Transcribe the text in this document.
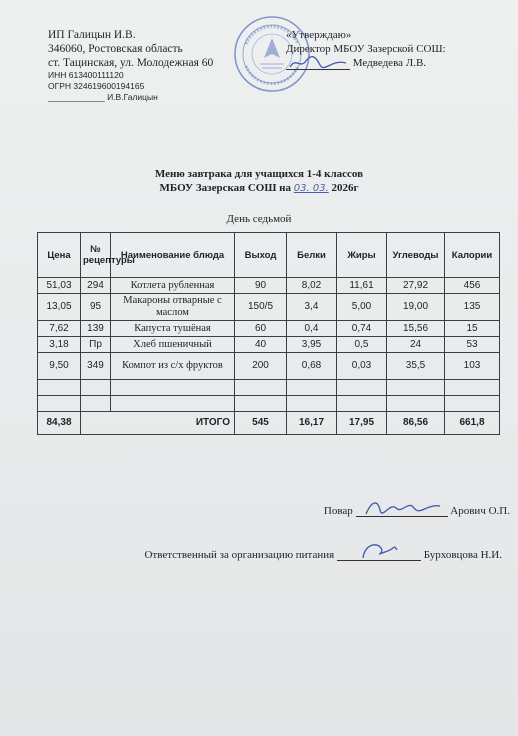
ИП Галицын И.В.
346060, Ростовская область
ст. Тацинская, ул. Молодежная 60
ИНН 613400111120
ОГРН 324619600194165
____________ И.В.Галицын
«Утверждаю»
Директор МБОУ Зазерской СОШ:
Медведева Л.В.
Меню завтрака для учащихся 1-4 классов
МБОУ Зазерская СОШ на 03. 03. 2026г
День седьмой
Цена	№ рецептуры	Наименование блюда	Выход	Белки	Жиры	Углеводы	Калории
51,03	294	Котлета рубленная	90	8,02	11,61	27,92	456
13,05	95	Макароны отварные с маслом	150/5	3,4	5,00	19,00	135
7,62	139	Капуста тушёная	60	0,4	0,74	15,56	15
3,18	Пр	Хлеб пшеничный	40	3,95	0,5	24	53
9,50	349	Компот из с/х фруктов	200	0,68	0,03	35,5	103

84,38	ИТОГО		545	16,17	17,95	86,56	661,8
Повар	Арович О.П.
Ответственный за организацию питания	Бурховцова Н.И.
